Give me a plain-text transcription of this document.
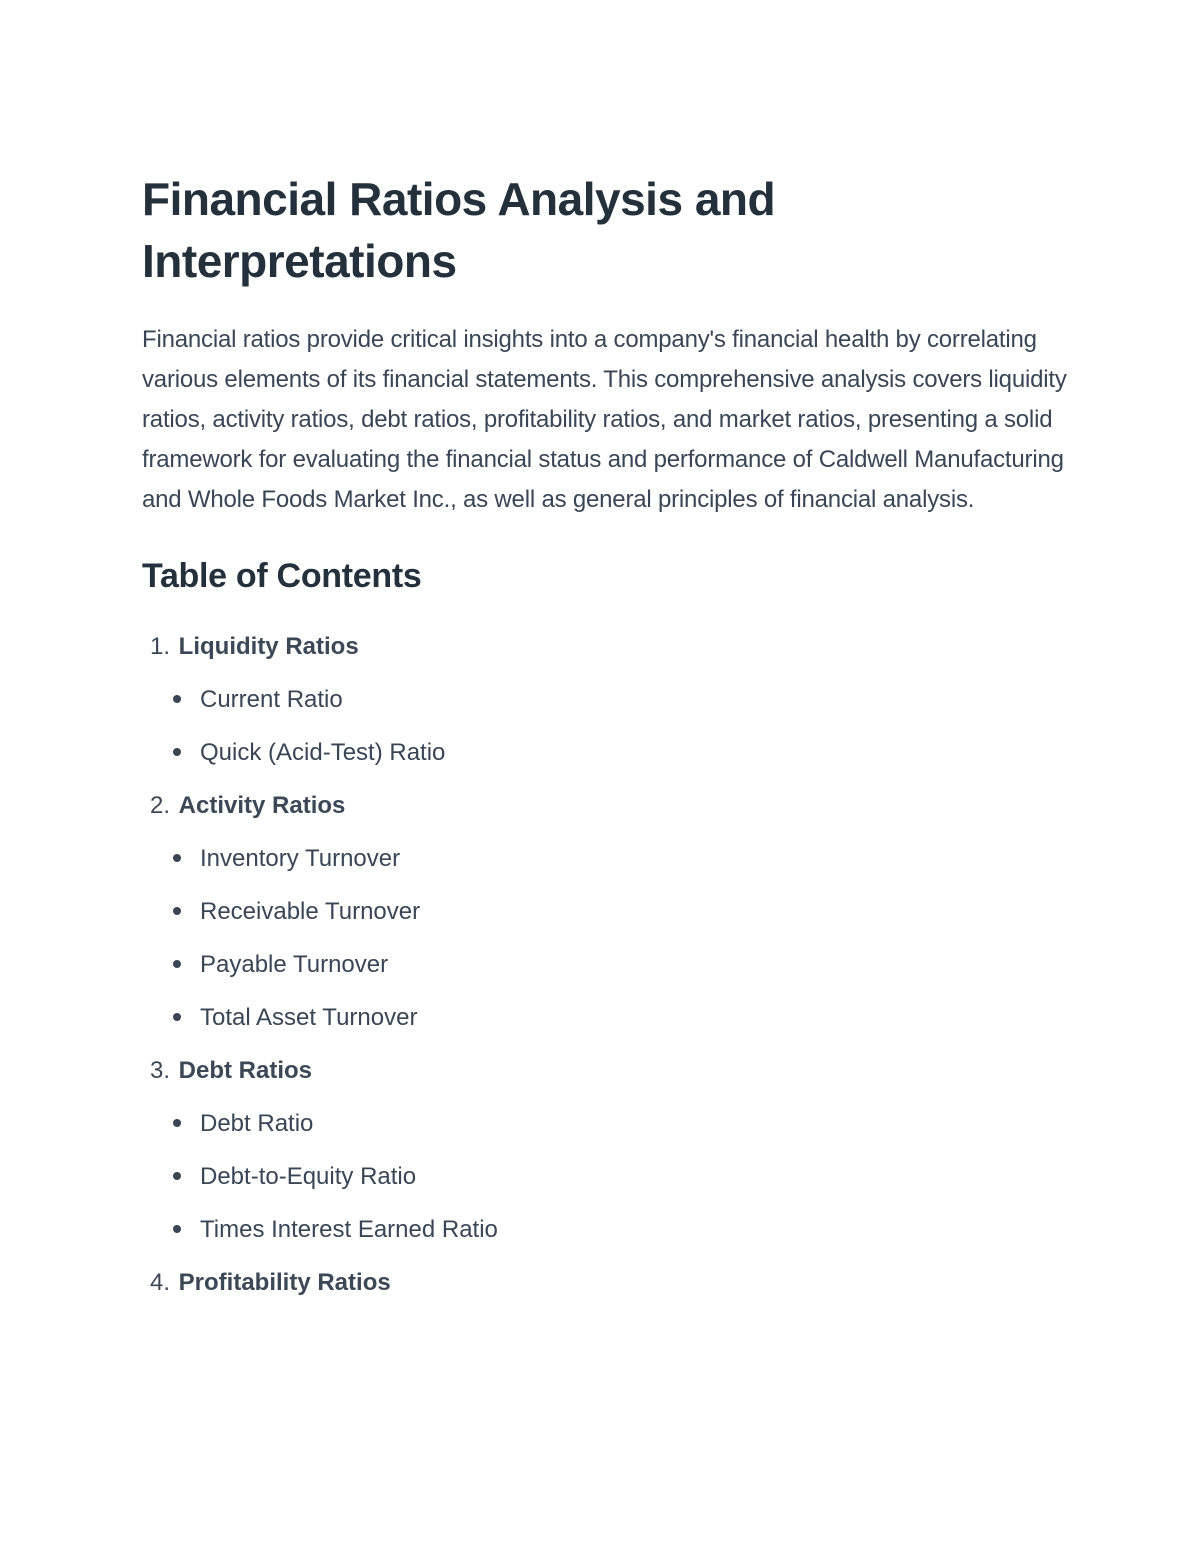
Financial Ratios Analysis and Interpretations

Financial ratios provide critical insights into a company's financial health by correlating various elements of its financial statements. This comprehensive analysis covers liquidity ratios, activity ratios, debt ratios, profitability ratios, and market ratios, presenting a solid framework for evaluating the financial status and performance of Caldwell Manufacturing and Whole Foods Market Inc., as well as general principles of financial analysis.

Table of Contents
1. Liquidity Ratios
Current Ratio
Quick (Acid-Test) Ratio
2. Activity Ratios
Inventory Turnover
Receivable Turnover
Payable Turnover
Total Asset Turnover
3. Debt Ratios
Debt Ratio
Debt-to-Equity Ratio
Times Interest Earned Ratio
4. Profitability Ratios
